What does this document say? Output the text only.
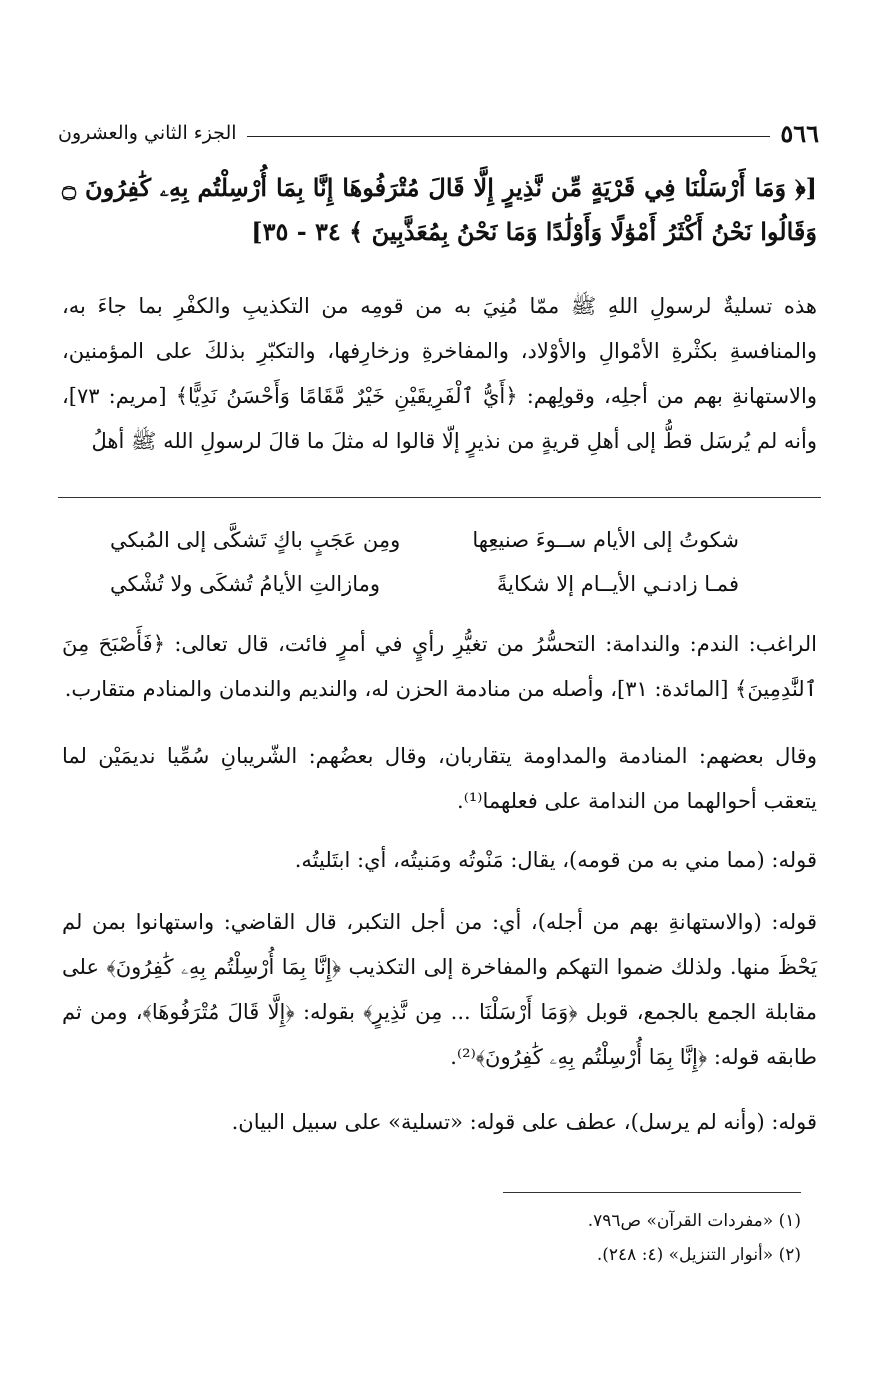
٥٦٦
الجزء الثاني والعشرون
[﴿ وَمَا أَرْسَلْنَا فِي قَرْيَةٍ مِّن نَّذِيرٍ إِلَّا قَالَ مُتْرَفُوهَا إِنَّا بِمَا أُرْسِلْتُم بِهِۦ كَٰفِرُونَ ۝ وَقَالُوا نَحْنُ أَكْثَرُ أَمْوَٰلًا وَأَوْلَٰدًا وَمَا نَحْنُ بِمُعَذَّبِينَ ﴾ ٣٤ - ٣٥]
هذه تسليةٌ لرسولِ اللهِ ﷺ ممّا مُنِيَ به من قومِه من التكذيبِ والكفْرِ بما جاءَ به، والمنافسةِ بكثْرةِ الأمْوالِ والأوْلاد، والمفاخرةِ وزخارِفها، والتكبّرِ بذلكَ على المؤمنين، والاستهانةِ بهم من أجلِه، وقولِهم: ﴿أَيُّ ٱلْفَرِيقَيْنِ خَيْرٌ مَّقَامًا وَأَحْسَنُ نَدِيًّا﴾ [مريم: ٧٣]، وأنه لم يُرسَل قطُّ إلى أهلِ قريةٍ من نذيرٍ إلّا قالوا له مثلَ ما قالَ لرسولِ الله ﷺ أهلُ
شكوتُ إلى الأيام ســوءَ صنيعِها
ومِن عَجَبٍ باكٍ تَشكَّى إلى المُبكي
فمـا زادنـي الأيــام إلا شكايةً
ومازالتِ الأيامُ تُشكَى ولا تُشْكي
الراغب: الندم: والندامة: التحسُّرُ من تغيُّرِ رأيٍ في أمرٍ فائت، قال تعالى: ﴿فَأَصْبَحَ مِنَ ٱلنَّٰدِمِينَ﴾ [المائدة: ٣١]، وأصله من منادمة الحزن له، والنديم والندمان والمنادم متقارب.
وقال بعضهم: المنادمة والمداومة يتقاربان، وقال بعضُهم: الشّريبانِ سُمِّيا نديمَيْن لما يتعقب أحوالهما من الندامة على فعلهما⁽¹⁾.
قوله: (مما مني به من قومه)، يقال: مَنْوتُه ومَنيتُه، أي: ابتَليتُه.
قوله: (والاستهانةِ بهم من أجله)، أي: من أجل التكبر، قال القاضي: واستهانوا بمن لم يَحْظَ منها. ولذلك ضموا التهكم والمفاخرة إلى التكذيب ﴿إِنَّا بِمَا أُرْسِلْتُم بِهِۦ كَٰفِرُونَ﴾ على مقابلة الجمع بالجمع، قوبل ﴿وَمَا أَرْسَلْنَا ... مِن نَّذِيرٍ﴾ بقوله: ﴿إِلَّا قَالَ مُتْرَفُوهَا﴾، ومن ثم طابقه قوله: ﴿إِنَّا بِمَا أُرْسِلْتُم بِهِۦ كَٰفِرُونَ﴾⁽²⁾.
قوله: (وأنه لم يرسل)، عطف على قوله: «تسلية» على سبيل البيان.
(١) «مفردات القرآن» ص٧٩٦.
(٢) «أنوار التنزيل» (٤: ٢٤٨).
